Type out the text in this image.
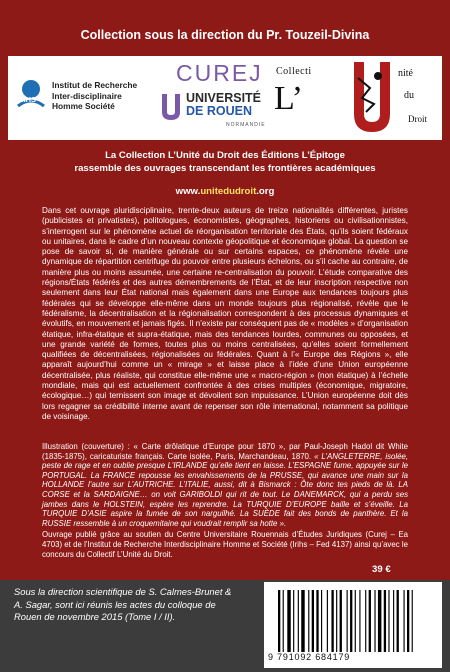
Collection sous la direction du Pr. Touzeil-Divina
IRIHS
Institut de Recherche
Inter-disciplinaire
Homme Société
CUREJ
UNIVERSITÉ
DE ROUEN
NORMANDIE
Collecti
L’
nité
du
Droit
La Collection L’Unité du Droit des Éditions L’Épitoge
rassemble des ouvrages transcendant les frontières académiques
www.unitedudroit.org
Dans cet ouvrage pluridisciplinaire, trente-deux auteurs de treize nationalités différentes, juristes (publicistes et privatistes), politologues, économistes, géographes, historiens ou civilisationnistes, s’interrogent sur le phénomène actuel de réorganisation territoriale des États, qu’ils soient fédéraux ou unitaires, dans le cadre d’un nouveau contexte géopolitique et économique global. La question se pose de savoir si, de manière générale ou sur certains espaces, ce phénomène révèle une dynamique de répartition centrifuge du pouvoir entre plusieurs échelons, ou s’il cache au contraire, de manière plus ou moins assumée, une certaine re-centralisation du pouvoir. L’étude comparative des régions/États fédérés et des autres démembrements de l’État, et de leur inscription respective non seulement dans leur État national mais également dans une Europe aux tendances toujours plus fédérales qui se développe elle-même dans un monde toujours plus régionalisé, révèle que le fédéralisme, la décentralisation et la régionalisation correspondent à des processus dynamiques et évolutifs, en mouvement et jamais figés. Il n’existe par conséquent pas de « modèles » d’organisation étatique, infra-étatique et supra-étatique, mais des tendances lourdes, communes ou opposées, et une grande variété de formes, toutes plus ou moins centralisées, qu’elles soient formellement qualifiées de décentralisées, régionalisées ou fédérales. Quant à l’« Europe des Régions », elle apparaît aujourd’hui comme un « mirage » et laisse place à l’idée d’une Union européenne décentralisée, plus réaliste, qui constitue elle-même une « macro-région » (non étatique) à l’échelle mondiale, mais qui est actuellement confrontée à des crises multiples (économique, migratoire, écologique…) qui ternissent son image et dévoilent son impuissance. L’Union européenne doit dès lors regagner sa crédibilité interne avant de repenser son rôle international, notamment sa politique de voisinage.
Illustration (couverture) : « Carte drôlatique d’Europe pour 1870 », par Paul-Joseph Hadol dit White (1835-1875), caricaturiste français. Carte isolée, Paris, Marchandeau, 1870. « L’ANGLETERRE, isolée, peste de rage et en oublie presque L’IRLANDE qu’elle tient en laisse. L’ESPAGNE fume, appuyée sur le PORTUGAL. La FRANCE repousse les envahissements de la PRUSSE, qui avance une main sur la HOLLANDE l’autre sur L’AUTRICHE. L’ITALIE, aussi, dit à Bismarck : Ôte donc tes pieds de là. LA CORSE et la SARDAIGNE… on voit GARIBOLDI qui rit de tout. Le DANEMARCK, qui a perdu ses jambes dans le HOLSTEIN, espère les reprendre. La TURQUIE D’EUROPE baille et s’éveille. La TURQUIE D’ASIE aspire la fumée de son narguilhé. La SUÈDE fait des bonds de panthère. Et la RUSSIE ressemble à un croquemitaine qui voudrait remplir sa hotte ».
Ouvrage publié grâce au soutien du Centre Universitaire Rouennais d’Études Juridiques (Curej – Ea 4703) et de l’Institut de Recherche Interdisciplinaire Homme et Société (Irihs – Fed 4137) ainsi qu’avec le concours du Collectif L’Unité du Droit.
39 €
Sous la direction scientifique de S. Calmes-Brunet & A. Sagar, sont ici réunis les actes du colloque de Rouen de novembre 2015 (Tome I / II).
9 791092 684179
